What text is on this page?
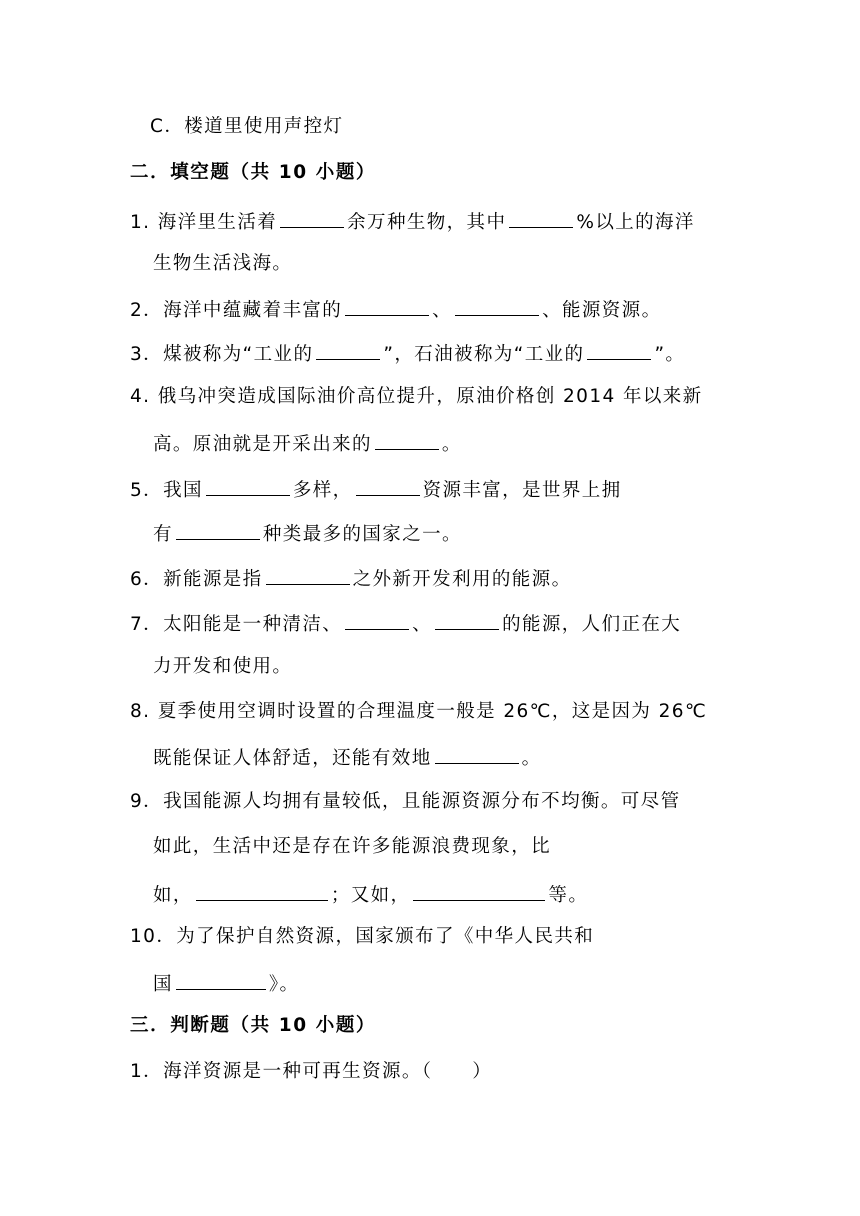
C．楼道里使用声控灯
二．填空题（共 10 小题）
1. 海洋里生活着	余万种生物，其中	%以上的海洋
生物生活浅海。
2．海洋中蕴藏着丰富的	、	、能源资源。
3．煤被称为“工业的	”，石油被称为“工业的	”。
4. 俄乌冲突造成国际油价高位提升，原油价格创 2014 年以来新
高。原油就是开采出来的	。
5．我国	多样，	资源丰富，是世界上拥
有	种类最多的国家之一。
6．新能源是指	之外新开发利用的能源。
7．太阳能是一种清洁、	、	的能源，人们正在大
力开发和使用。
8. 夏季使用空调时设置的合理温度一般是 26℃，这是因为 26℃
既能保证人体舒适，还能有效地	。
9．我国能源人均拥有量较低，且能源资源分布不均衡。可尽管
如此，生活中还是存在许多能源浪费现象，比
如，	；又如，	等。
10．为了保护自然资源，国家颁布了《中华人民共和
国	》。
三．判断题（共 10 小题）
1．海洋资源是一种可再生资源。（　　）
